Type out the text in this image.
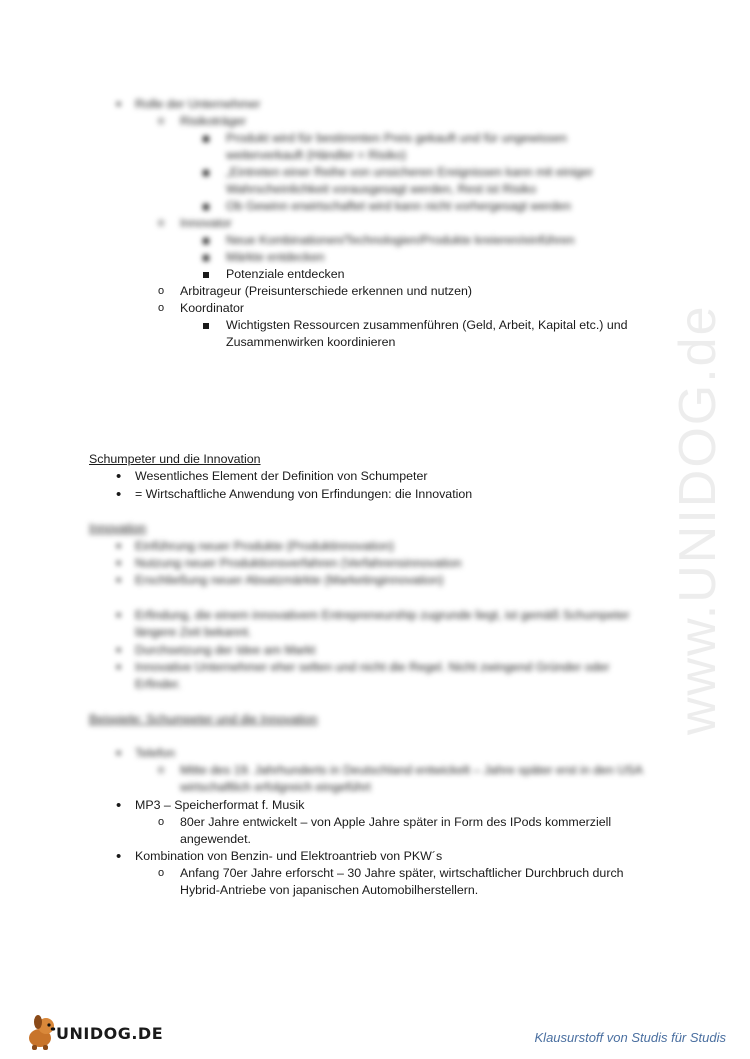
www.UNIDOG.de
• Rolle der Unternehmer
o Risikoträger
Produkt wird für bestimmten Preis gekauft und für ungewissen
weiterverkauft (Händler = Risiko)
„Eintreten einer Reihe von unsicheren Ereignissen kann mit einiger
Wahrscheinlichkeit vorausgesagt werden, Rest ist Risiko
Ob Gewinn erwirtschaftet wird kann nicht vorhergesagt werden
o Innovator
Neue Kombinationen/Technologien/Produkte kreieren/einführen
Märkte entdecken
Potenziale entdecken
o Arbitrageur (Preisunterschiede erkennen und nutzen)
o Koordinator
Wichtigsten Ressourcen zusammenführen (Geld, Arbeit, Kapital etc.) und
Zusammenwirken koordinieren
Schumpeter und die Innovation
• Wesentliches Element der Definition von Schumpeter
• = Wirtschaftliche Anwendung von Erfindungen: die Innovation
Innovation
• Einführung neuer Produkte (Produktinnovation)
• Nutzung neuer Produktionsverfahren (Verfahrensinnovation
• Erschließung neuer Absatzmärkte (Marketinginnovation)
• Erfindung, die einem innovativem Entrepreneurship zugrunde liegt, ist gemäß Schumpeter
längere Zeit bekannt.
• Durchsetzung der Idee am Markt
• Innovative Unternehmer eher selten und nicht die Regel. Nicht zwingend Gründer oder
Erfinder.
Beispiele: Schumpeter und die Innovation
• Telefon
o Mitte des 19. Jahrhunderts in Deutschland entwickelt – Jahre später erst in den USA
wirtschaftlich erfolgreich eingeführt
• MP3 – Speicherformat f. Musik
o 80er Jahre entwickelt – von Apple Jahre später in Form des IPods kommerziell
angewendet.
• Kombination von Benzin- und Elektroantrieb von PKW´s
o Anfang 70er Jahre erforscht – 30 Jahre später, wirtschaftlicher Durchbruch durch
Hybrid-Antriebe von japanischen Automobilherstellern.
UNIDOG.DE	Klausurstoff von Studis für Studis
